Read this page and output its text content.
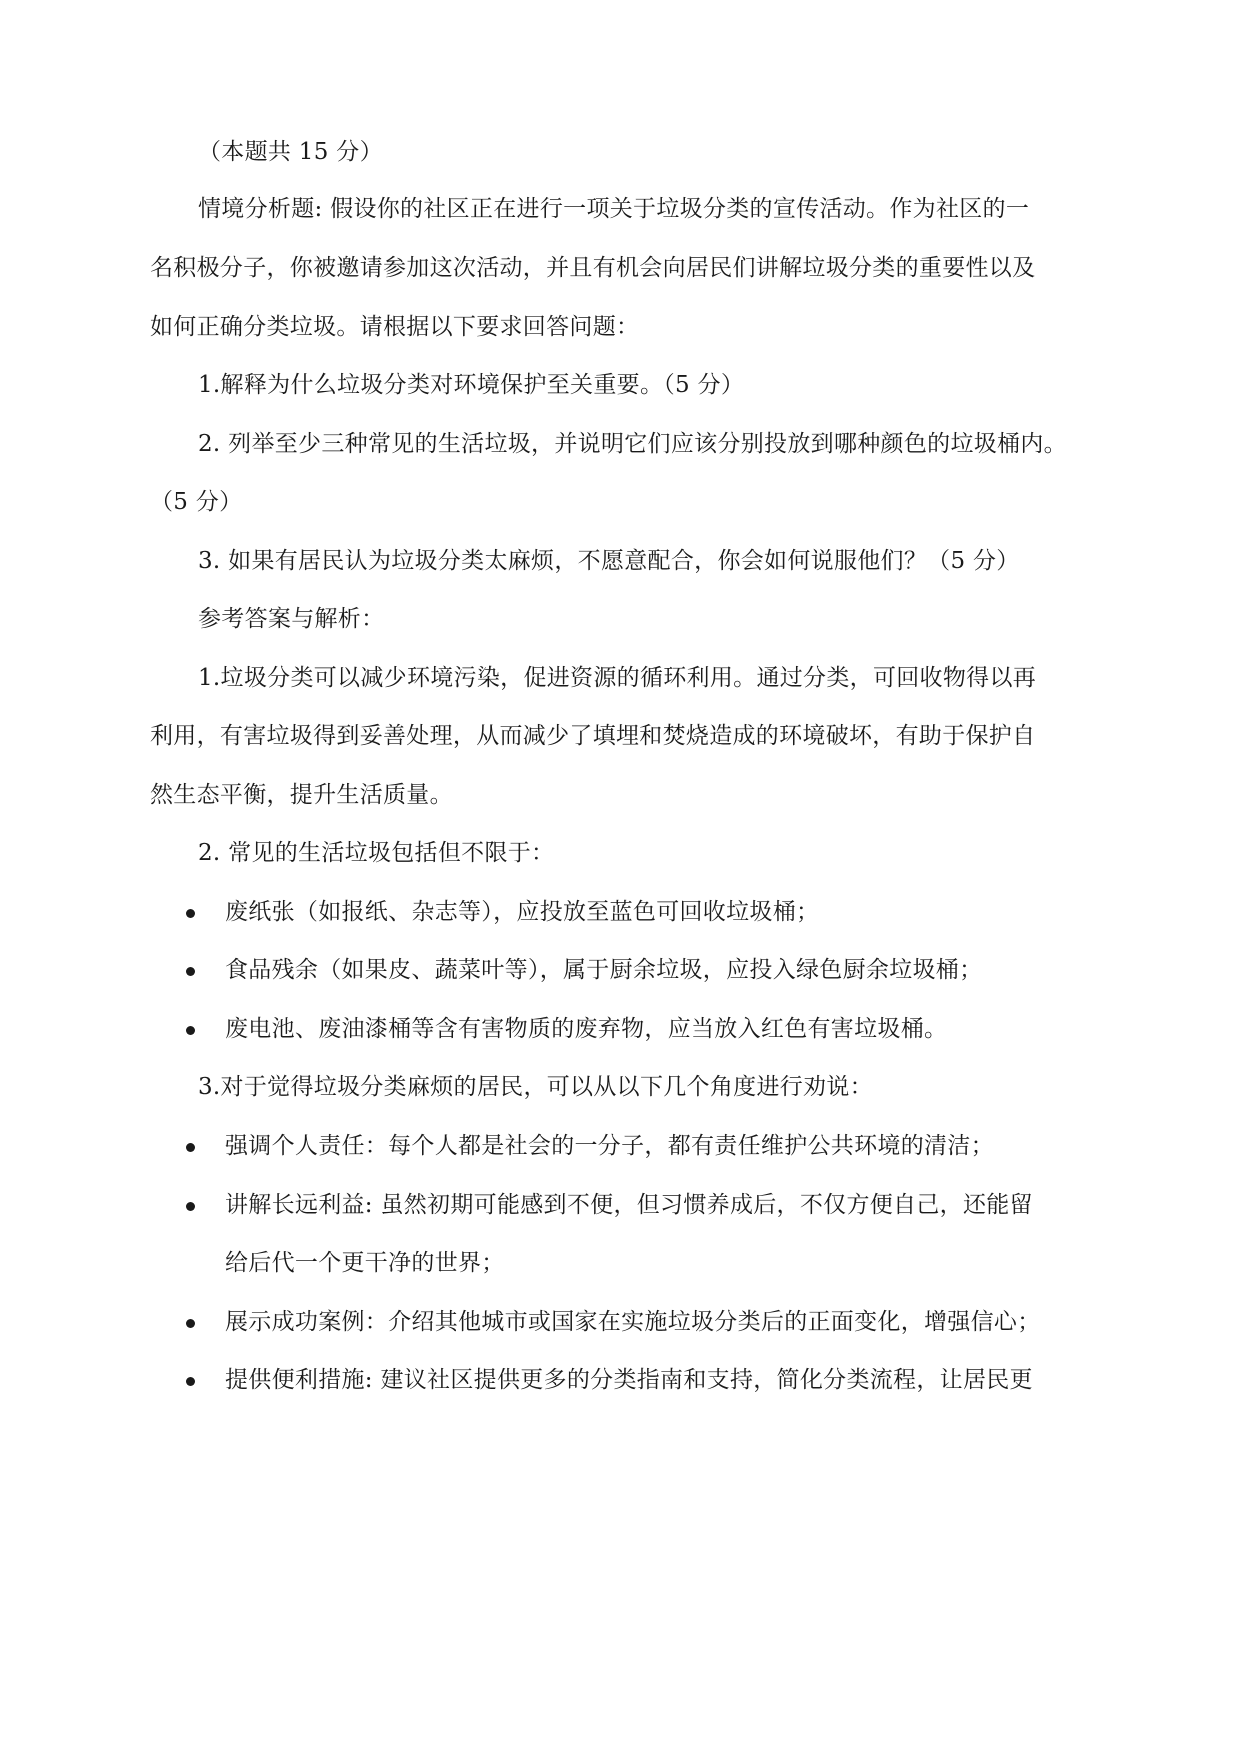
（本题共 15 分）
情境分析题: 假设你的社区正在进行一项关于垃圾分类的宣传活动。作为社区的一
名积极分子，你被邀请参加这次活动，并且有机会向居民们讲解垃圾分类的重要性以及
如何正确分类垃圾。请根据以下要求回答问题：
1.解释为什么垃圾分类对环境保护至关重要。（5 分）
2. 列举至少三种常见的生活垃圾，并说明它们应该分别投放到哪种颜色的垃圾桶内。
（5 分）
3. 如果有居民认为垃圾分类太麻烦，不愿意配合，你会如何说服他们？（5 分）
参考答案与解析：
1.垃圾分类可以减少环境污染，促进资源的循环利用。通过分类，可回收物得以再
利用，有害垃圾得到妥善处理，从而减少了填埋和焚烧造成的环境破坏，有助于保护自
然生态平衡，提升生活质量。
2. 常见的生活垃圾包括但不限于：
废纸张（如报纸、杂志等），应投放至蓝色可回收垃圾桶；
食品残余（如果皮、蔬菜叶等），属于厨余垃圾，应投入绿色厨余垃圾桶；
废电池、废油漆桶等含有害物质的废弃物，应当放入红色有害垃圾桶。
3.对于觉得垃圾分类麻烦的居民，可以从以下几个角度进行劝说：
强调个人责任：每个人都是社会的一分子，都有责任维护公共环境的清洁；
讲解长远利益: 虽然初期可能感到不便，但习惯养成后，不仅方便自己，还能留
给后代一个更干净的世界；
展示成功案例：介绍其他城市或国家在实施垃圾分类后的正面变化，增强信心；
提供便利措施: 建议社区提供更多的分类指南和支持，简化分类流程，让居民更
